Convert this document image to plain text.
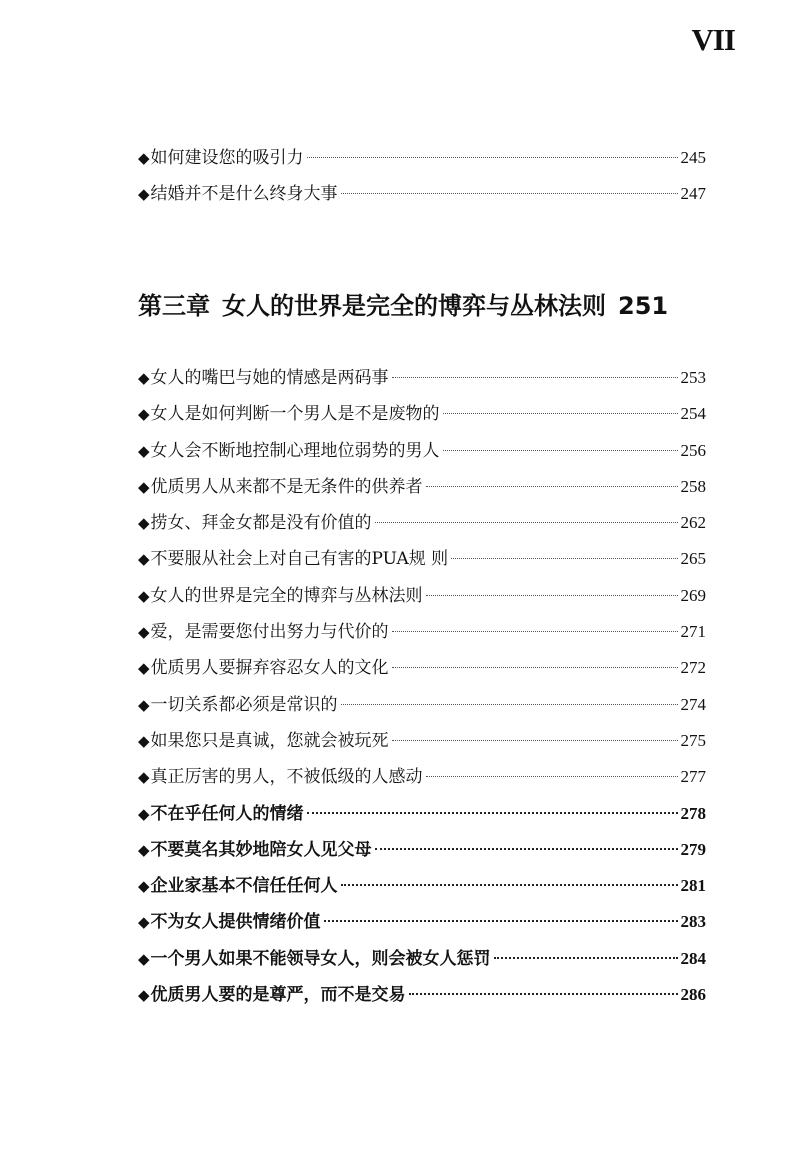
VII
◆ 如何建设您的吸引力	245
◆ 结婚并不是什么终身大事	247
第三章 女人的世界是完全的博弈与丛林法则 251
◆ 女人的嘴巴与她的情感是两码事	253
◆ 女人是如何判断一个男人是不是废物的	254
◆ 女人会不断地控制心理地位弱势的男人	256
◆ 优质男人从来都不是无条件的供养者	258
◆ 捞女、拜金女都是没有价值的	262
◆ 不要服从社会上对自己有害的PUA规 则	265
◆ 女人的世界是完全的博弈与丛林法则	269
◆ 爱，是需要您付出努力与代价的	271
◆ 优质男人要摒弃容忍女人的文化	272
◆ 一切关系都必须是常识的	274
◆ 如果您只是真诚，您就会被玩死	275
◆ 真正厉害的男人，不被低级的人感动	277
◆ 不在乎任何人的情绪	278
◆ 不要莫名其妙地陪女人见父母	279
◆ 企业家基本不信任任何人	281
◆ 不为女人提供情绪价值	283
◆ 一个男人如果不能领导女人，则会被女人惩罚	284
◆ 优质男人要的是尊严，而不是交易	286
